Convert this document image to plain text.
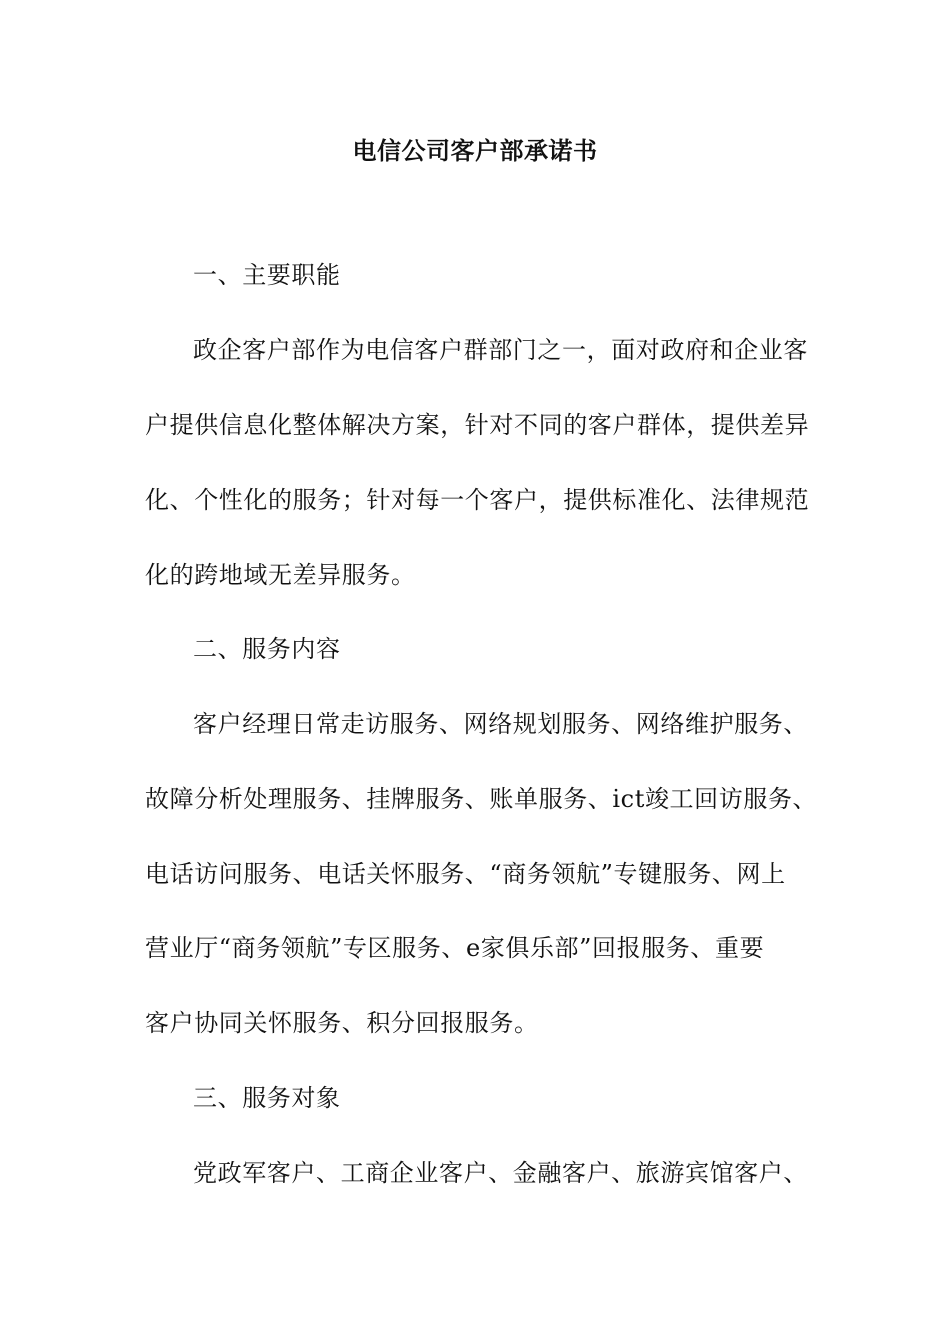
电信公司客户部承诺书
一、主要职能
政企客户部作为电信客户群部门之一，面对政府和企业客
户提供信息化整体解决方案，针对不同的客户群体，提供差异
化、个性化的服务；针对每一个客户，提供标准化、法律规范
化的跨地域无差异服务。
二、服务内容
客户经理日常走访服务、网络规划服务、网络维护服务、
故障分析处理服务、挂牌服务、账单服务、ict竣工回访服务、
电话访问服务、电话关怀服务、“商务领航”专键服务、网上
营业厅“商务领航”专区服务、e家俱乐部”回报服务、重要
客户协同关怀服务、积分回报服务。
三、服务对象
党政军客户、工商企业客户、金融客户、旅游宾馆客户、
